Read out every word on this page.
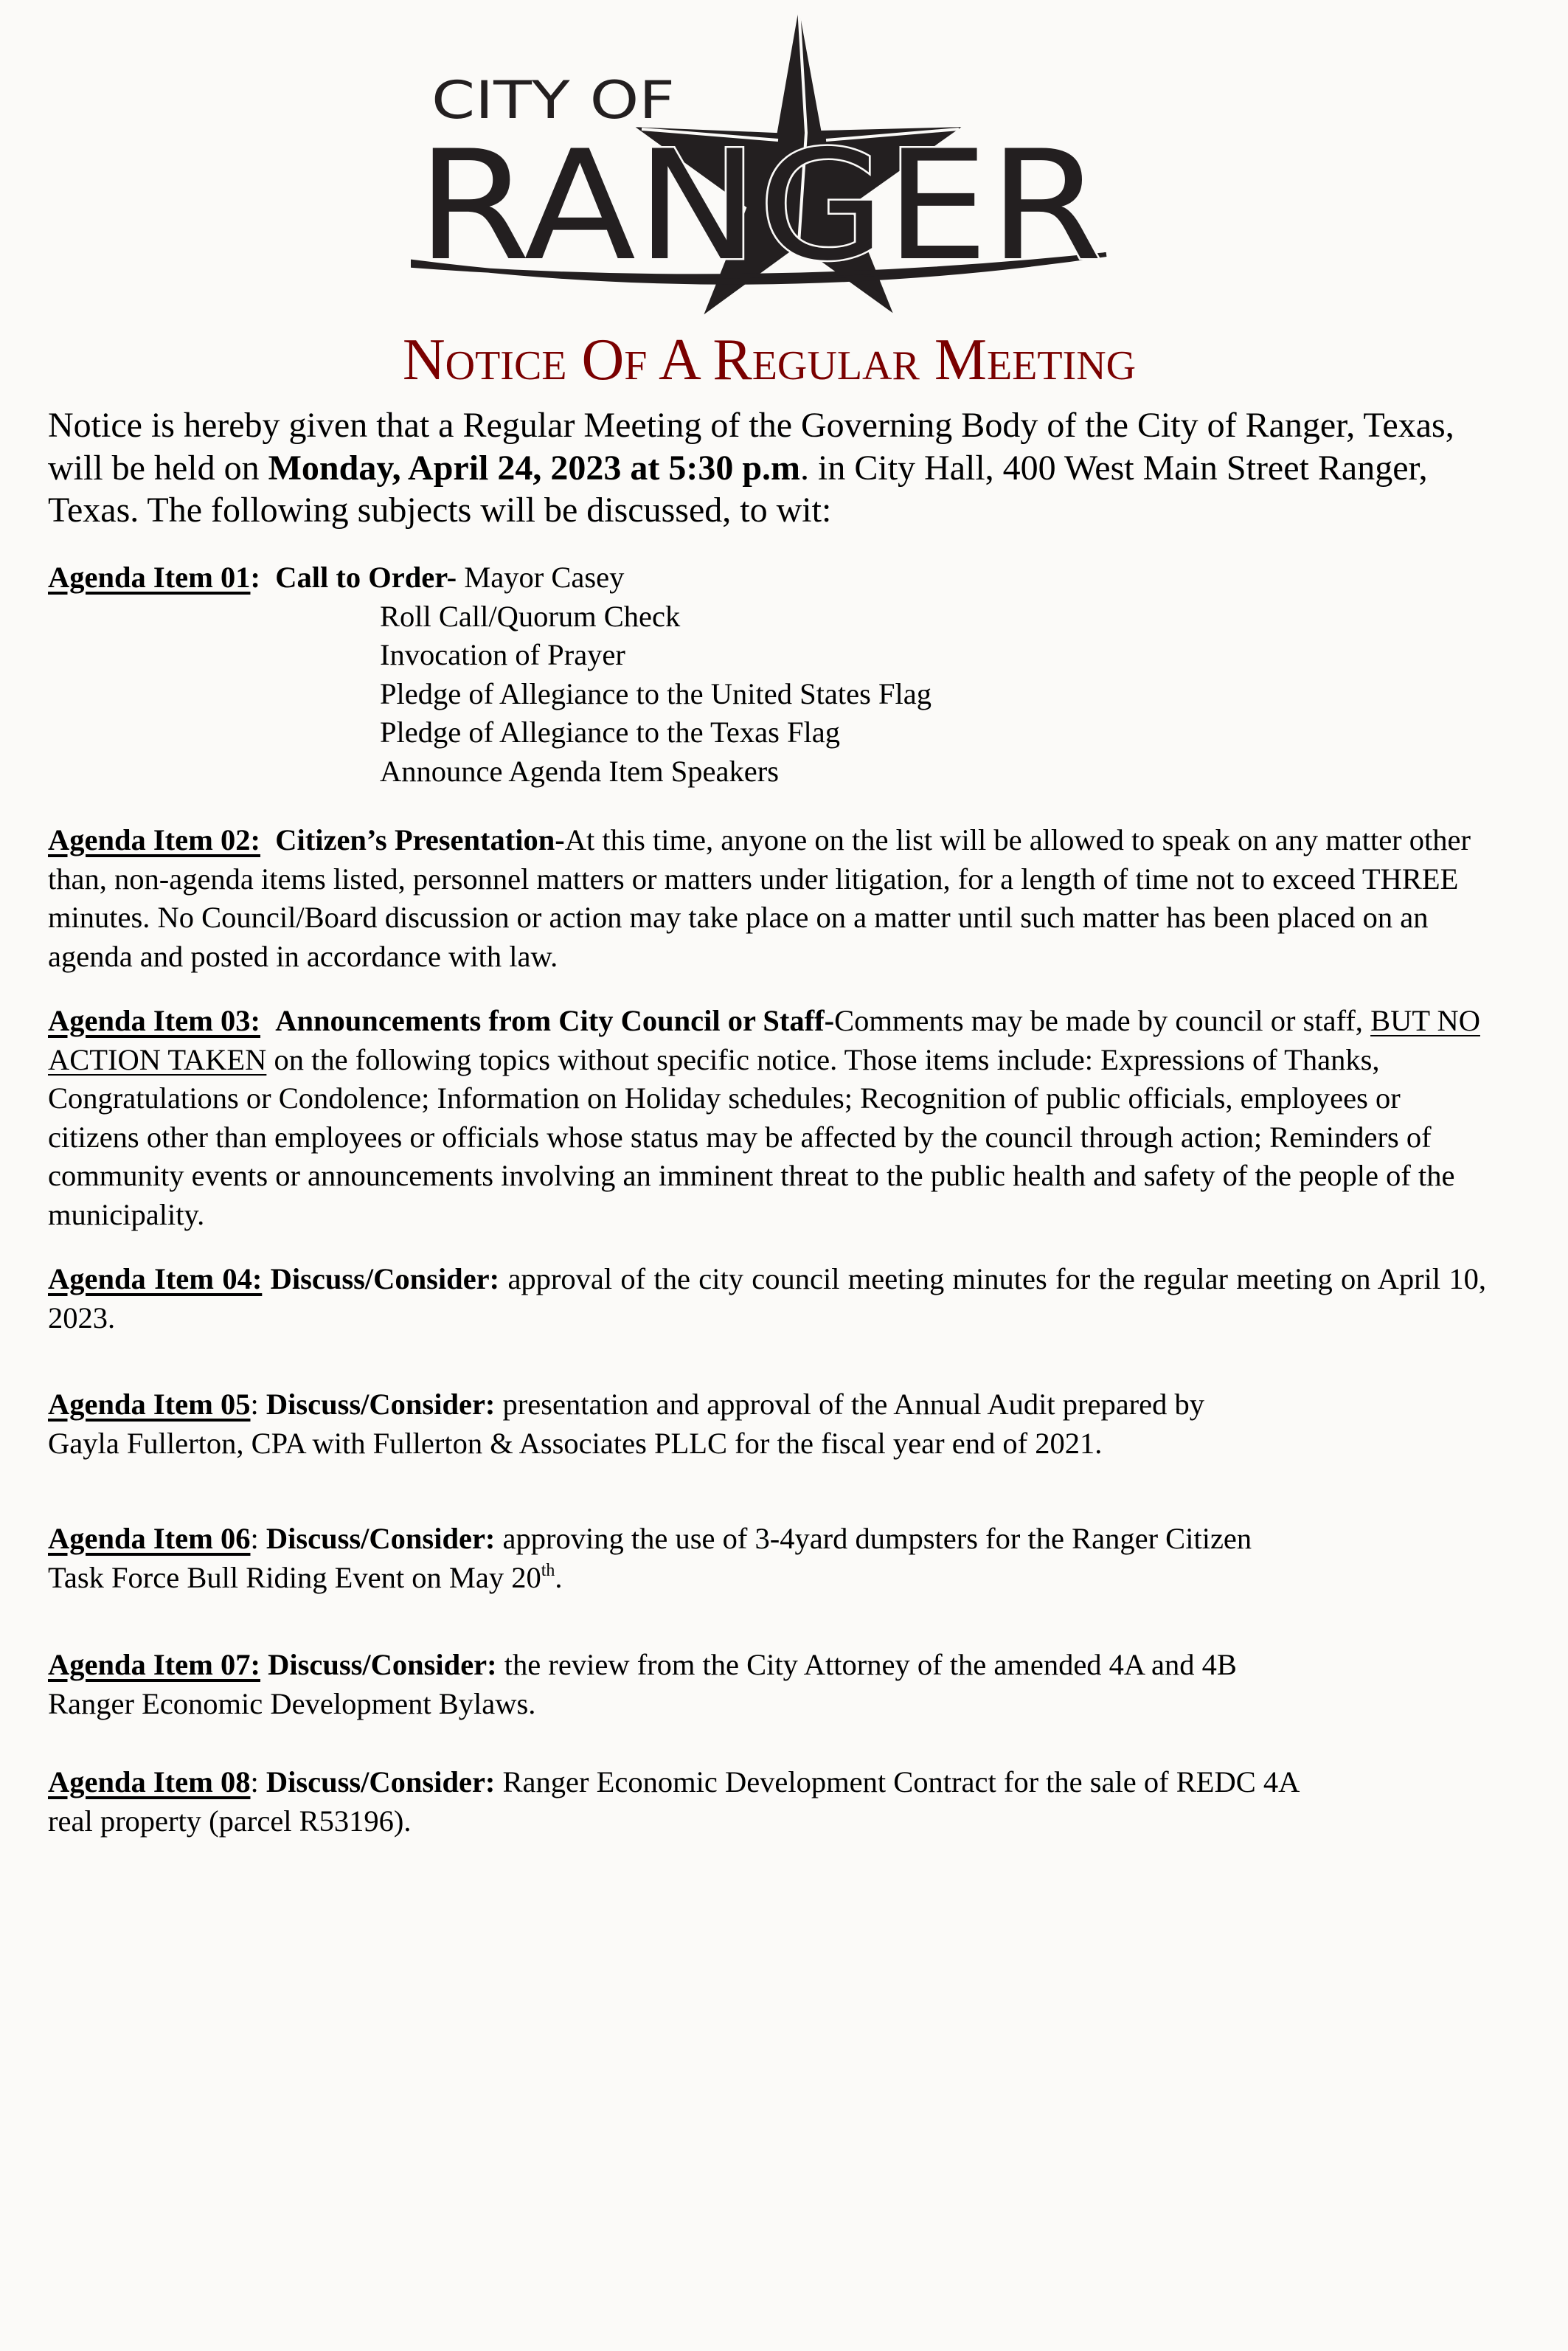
CITY OF
RANGER
Notice Of A Regular Meeting
Notice is hereby given that a Regular Meeting of the Governing Body of the City of Ranger, Texas, will be held on Monday, April 24, 2023 at 5:30 p.m. in City Hall, 400 West Main Street Ranger, Texas. The following subjects will be discussed, to wit:

Agenda Item 01: Call to Order- Mayor Casey

Roll Call/Quorum Check

Invocation of Prayer

Pledge of Allegiance to the United States Flag

Pledge of Allegiance to the Texas Flag

Announce Agenda Item Speakers

Agenda Item 02: Citizen’s Presentation-At this time, anyone on the list will be allowed to speak on any matter other than, non-agenda items listed, personnel matters or matters under litigation, for a length of time not to exceed THREE minutes. No Council/Board discussion or action may take place on a matter until such matter has been placed on an agenda and posted in accordance with law.

Agenda Item 03: Announcements from City Council or Staff-Comments may be made by council or staff, BUT NO ACTION TAKEN on the following topics without specific notice. Those items include: Expressions of Thanks, Congratulations or Condolence; Information on Holiday schedules; Recognition of public officials, employees or citizens other than employees or officials whose status may be affected by the council through action; Reminders of community events or announcements involving an imminent threat to the public health and safety of the people of the municipality.

Agenda Item 04: Discuss/Consider: approval of the city council meeting minutes for the regular meeting on April 10, 2023.

Agenda Item 05: Discuss/Consider: presentation and approval of the Annual Audit prepared by

Gayla Fullerton, CPA with Fullerton & Associates PLLC for the fiscal year end of 2021.

Agenda Item 06: Discuss/Consider: approving the use of 3-4yard dumpsters for the Ranger Citizen

Task Force Bull Riding Event on May 20th.

Agenda Item 07: Discuss/Consider: the review from the City Attorney of the amended 4A and 4B

Ranger Economic Development Bylaws.

Agenda Item 08: Discuss/Consider: Ranger Economic Development Contract for the sale of REDC 4A

real property (parcel R53196).
